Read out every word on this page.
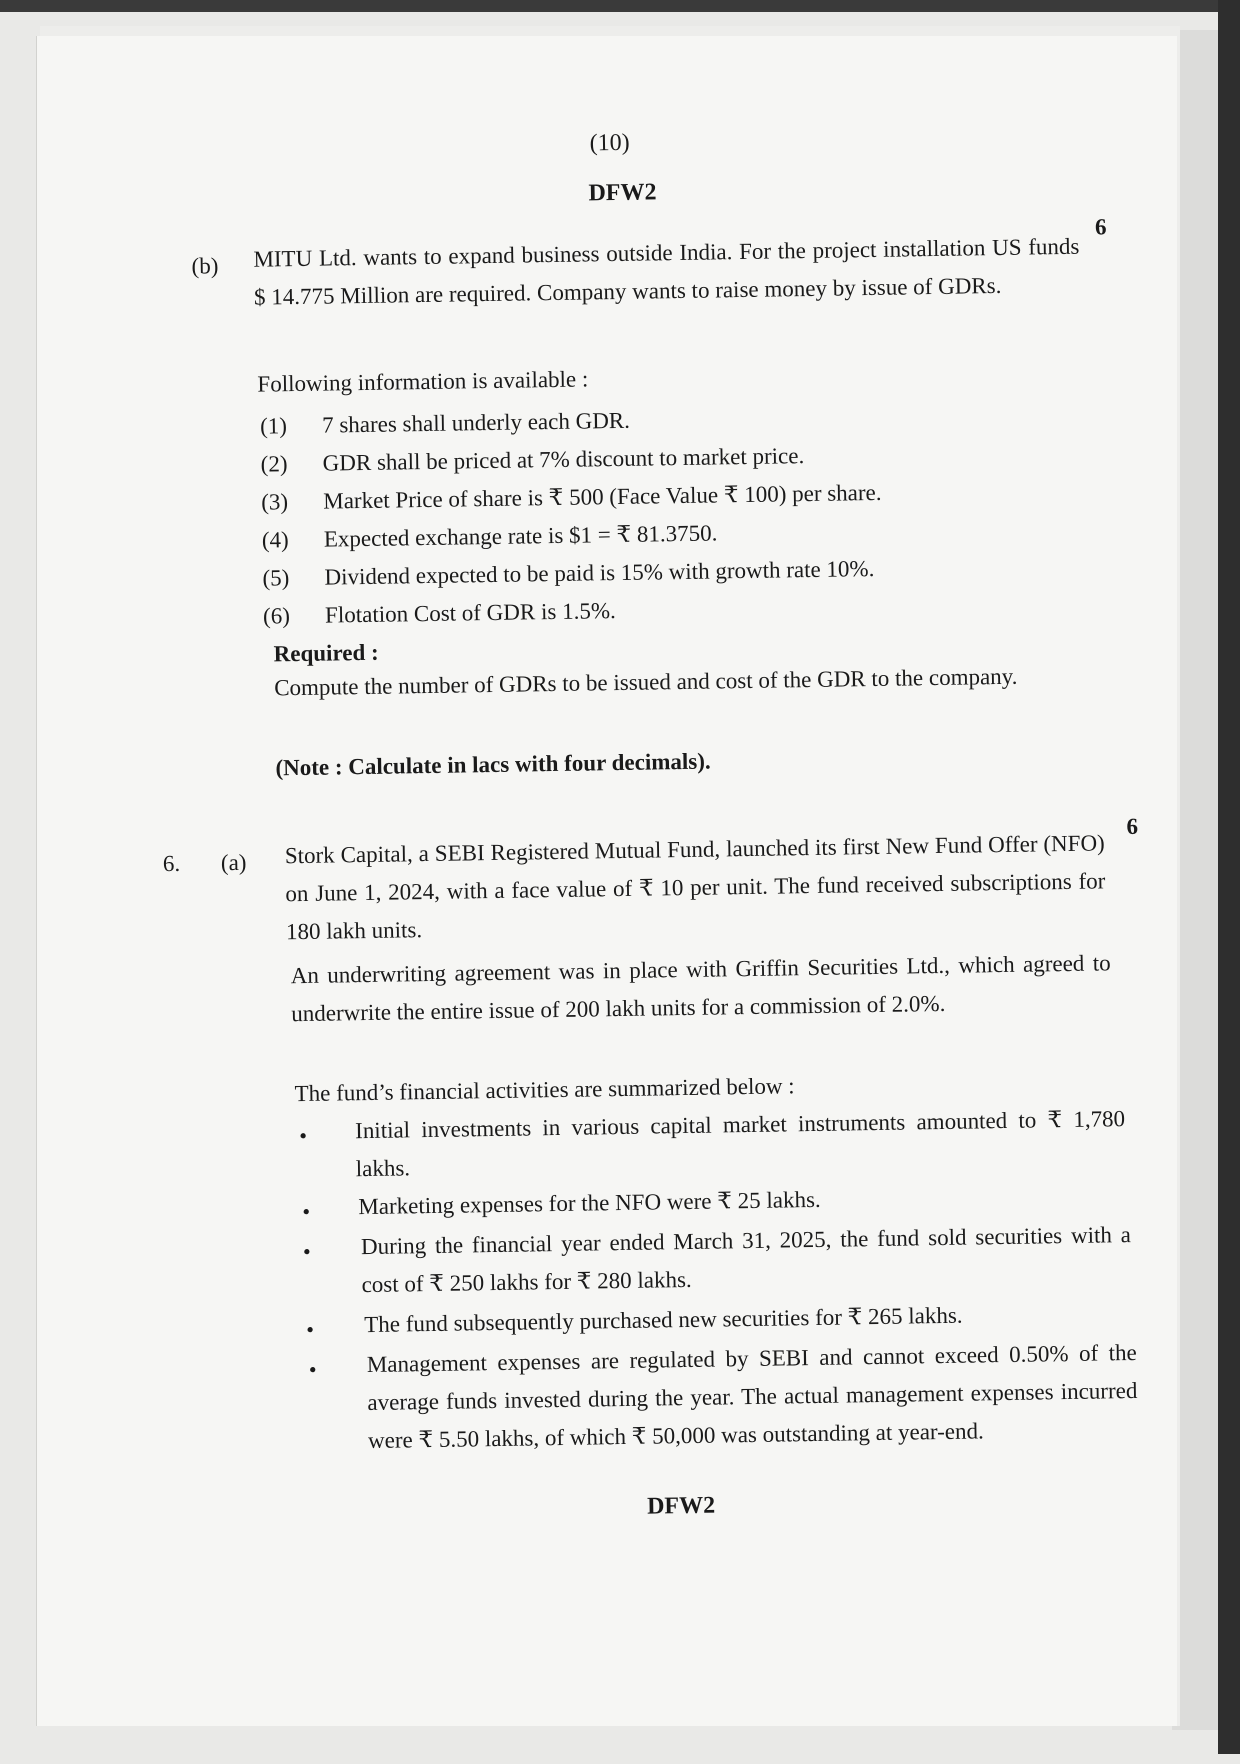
(10)
DFW2
(b)
6

MITU Ltd. wants to expand business outside India. For the project installation US funds $ 14.775 Million are required. Company wants to raise money by issue of GDRs.

Following information is available :
(1) 7 shares shall underly each GDR.
(2) GDR shall be priced at 7% discount to market price.
(3) Market Price of share is ₹ 500 (Face Value ₹ 100) per share.
(4) Expected exchange rate is $1 = ₹ 81.3750.
(5) Dividend expected to be paid is 15% with growth rate 10%.
(6) Flotation Cost of GDR is 1.5%.
Required :
Compute the number of GDRs to be issued and cost of the GDR to the company.
(Note : Calculate in lacs with four decimals).
6. (a)
6
Stork Capital, a SEBI Registered Mutual Fund, launched its first New Fund Offer (NFO) on June 1, 2024, with a face value of ₹ 10 per unit. The fund received subscriptions for 180 lakh units.
An underwriting agreement was in place with Griffin Securities Ltd., which agreed to underwrite the entire issue of 200 lakh units for a commission of 2.0%.
The fund’s financial activities are summarized below :
• Initial investments in various capital market instruments amounted to ₹ 1,780 lakhs.
• Marketing expenses for the NFO were ₹ 25 lakhs.
• During the financial year ended March 31, 2025, the fund sold securities with a cost of ₹ 250 lakhs for ₹ 280 lakhs.
• The fund subsequently purchased new securities for ₹ 265 lakhs.
• Management expenses are regulated by SEBI and cannot exceed 0.50% of the average funds invested during the year. The actual management expenses incurred were ₹ 5.50 lakhs, of which ₹ 50,000 was outstanding at year-end.
DFW2
